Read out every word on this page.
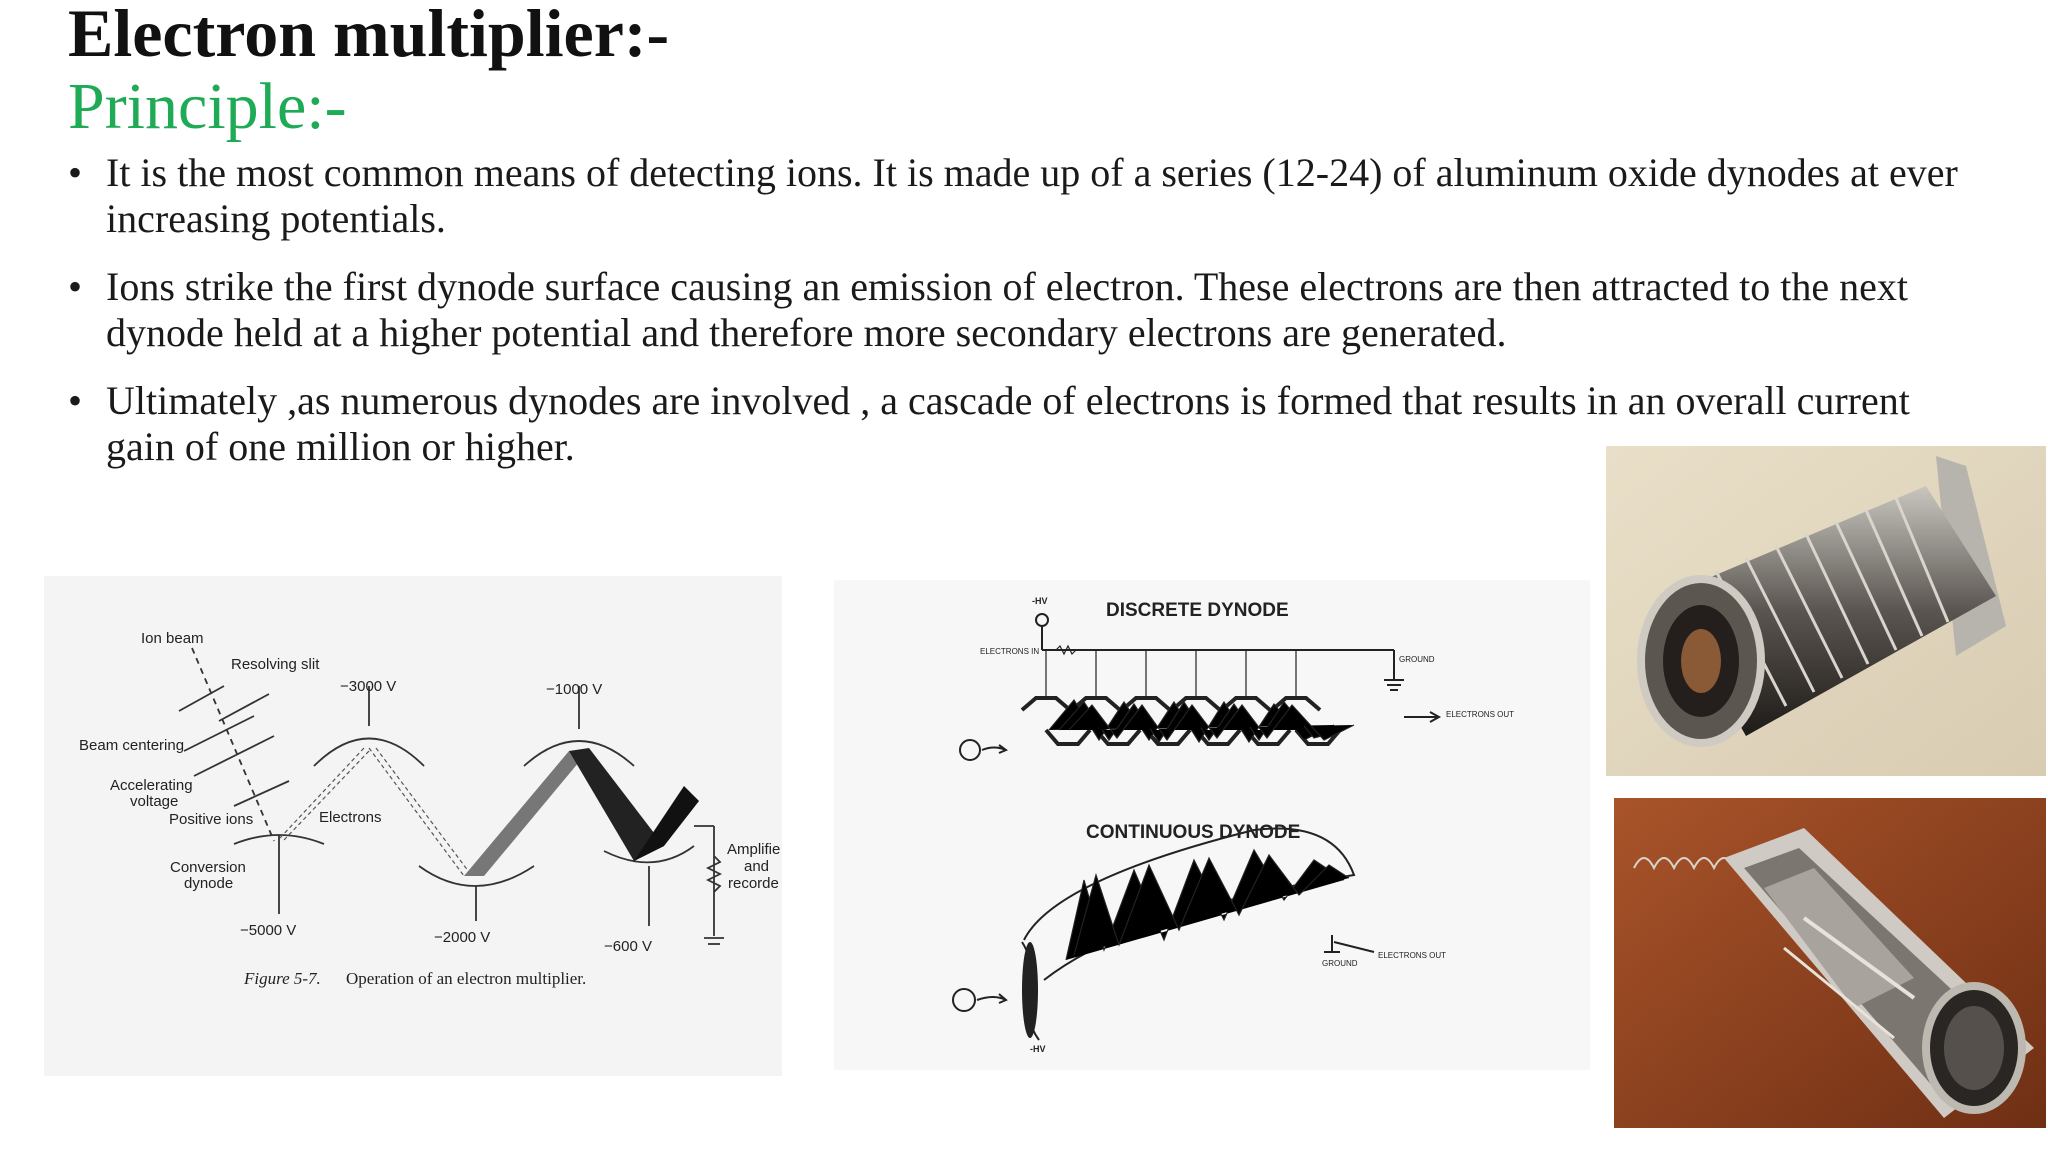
Electron multiplier:-
Principle:-
• It is the most common means of detecting ions. It is made up of a series (12-24) of aluminum oxide dynodes at ever increasing potentials.
• Ions strike the first dynode surface causing an emission of electron. These electrons are then attracted to the next dynode held at a higher potential and therefore more secondary electrons are generated.
• Ultimately ,as numerous dynodes are involved , a cascade of electrons is formed that results in an overall current gain of one million or higher.
Ion beam
Resolving slit
Beam centering
Accelerating
voltage
Positive ions	Electrons
Conversion
dynode
−3000 V	−1000 V
−5000 V	−2000 V
−600 V
Amplifie
and
recorde
Figure 5-7. Operation of an electron multiplier.
DISCRETE DYNODE
-HV
ELECTRONS IN
GROUND
ELECTRONS OUT
CONTINUOUS DYNODE
GROUND
ELECTRONS OUT
-HV
